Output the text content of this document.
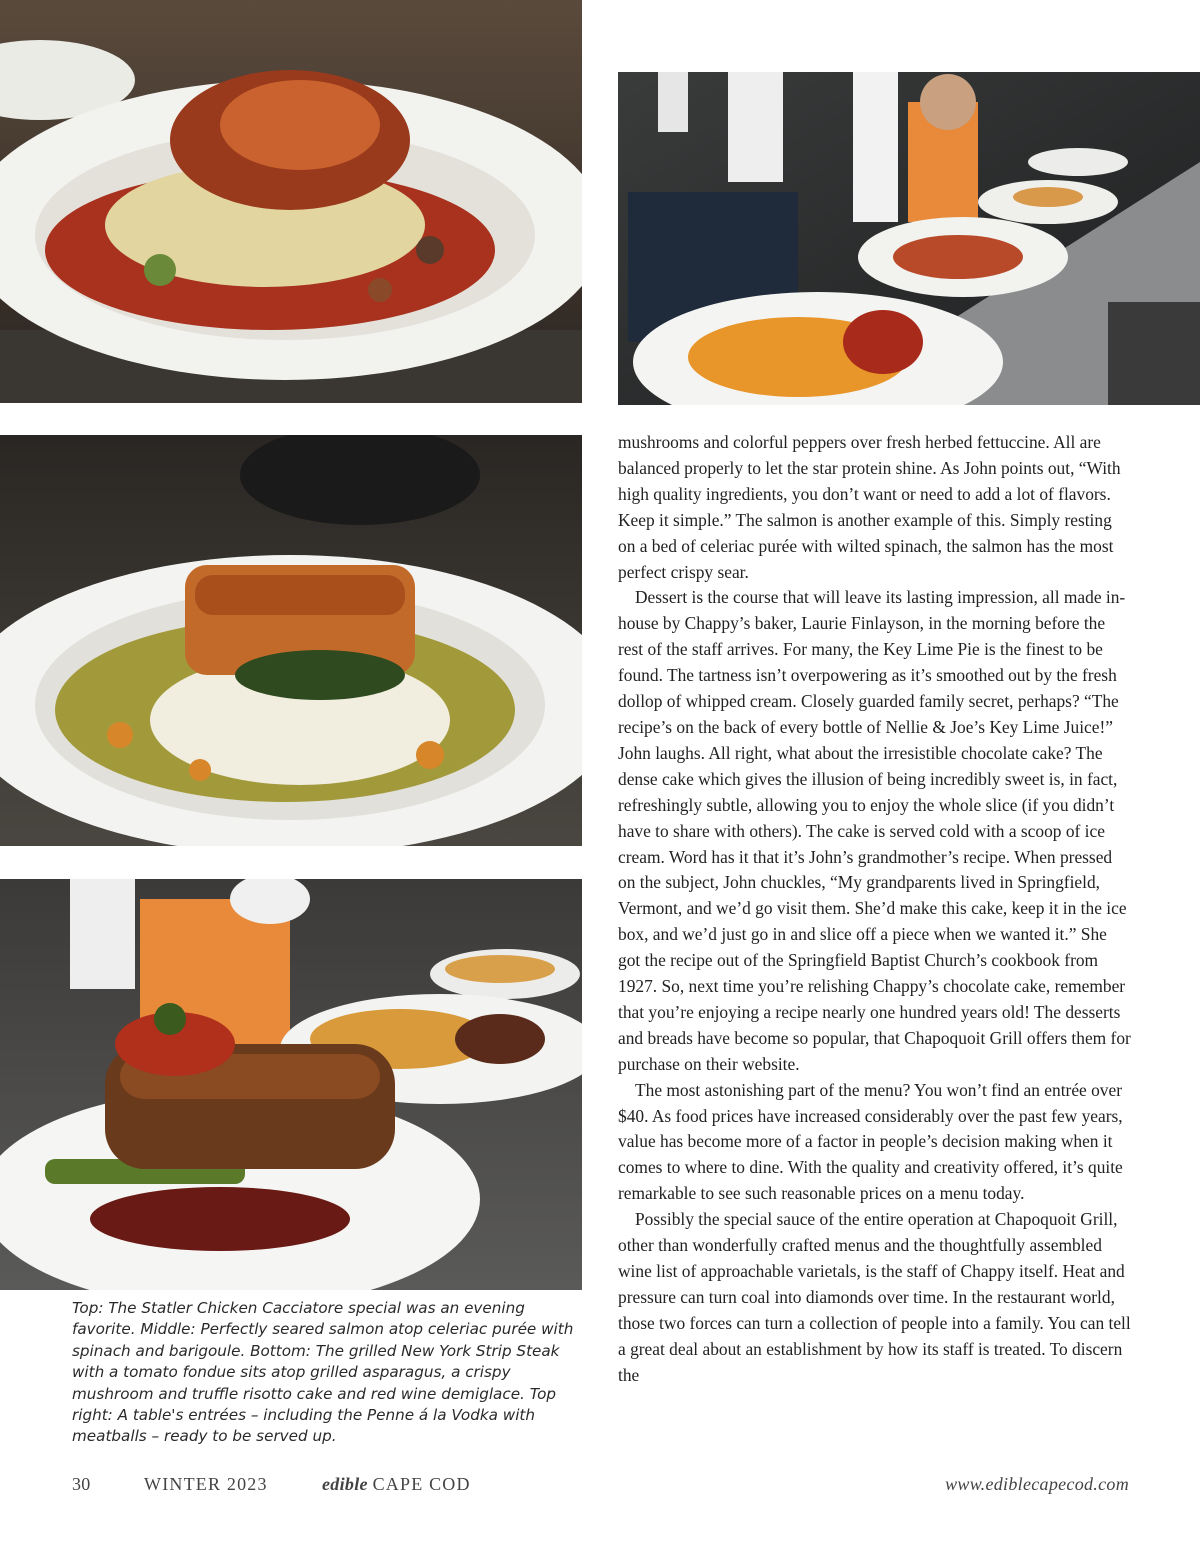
Top: The Statler Chicken Cacciatore special was an evening favorite. Middle: Perfectly seared salmon atop celeriac purée with spinach and barigoule. Bottom: The grilled New York Strip Steak with a tomato fondue sits atop grilled asparagus, a crispy mushroom and truffle risotto cake and red wine demiglace. Top right: A table's entrées – including the Penne á la Vodka with meatballs – ready to be served up.

mushrooms and colorful peppers over fresh herbed fettuccine. All are balanced properly to let the star protein shine. As John points out, “With high quality ingredients, you don’t want or need to add a lot of flavors. Keep it simple.” The salmon is another example of this. Simply resting on a bed of celeriac purée with wilted spinach, the salmon has the most perfect crispy sear.

Dessert is the course that will leave its lasting impression, all made in-house by Chappy’s baker, Laurie Finlayson, in the morning before the rest of the staff arrives. For many, the Key Lime Pie is the finest to be found. The tartness isn’t overpowering as it’s smoothed out by the fresh dollop of whipped cream. Closely guarded family secret, perhaps? “The recipe’s on the back of every bottle of Nellie & Joe’s Key Lime Juice!” John laughs. All right, what about the irresistible chocolate cake? The dense cake which gives the illusion of being incredibly sweet is, in fact, refreshingly subtle, allowing you to enjoy the whole slice (if you didn’t have to share with others). The cake is served cold with a scoop of ice cream. Word has it that it’s John’s grandmother’s recipe. When pressed on the subject, John chuckles, “My grandparents lived in Springfield, Vermont, and we’d go visit them. She’d make this cake, keep it in the ice box, and we’d just go in and slice off a piece when we wanted it.” She got the recipe out of the Springfield Baptist Church’s cookbook from 1927. So, next time you’re relishing Chappy’s chocolate cake, remember that you’re enjoying a recipe nearly one hundred years old! The desserts and breads have become so popular, that Chapoquoit Grill offers them for purchase on their website.

The most astonishing part of the menu? You won’t find an entrée over $40. As food prices have increased considerably over the past few years, value has become more of a factor in people’s decision making when it comes to where to dine. With the quality and creativity offered, it’s quite remarkable to see such reasonable prices on a menu today.

Possibly the special sauce of the entire operation at Chapoquoit Grill, other than wonderfully crafted menus and the thoughtfully assembled wine list of approachable varietals, is the staff of Chappy itself. Heat and pressure can turn coal into diamonds over time. In the restaurant world, those two forces can turn a collection of people into a family. You can tell a great deal about an establishment by how its staff is treated. To discern the

30	WINTER 2023	edible CAPE COD	www.ediblecapecod.com
